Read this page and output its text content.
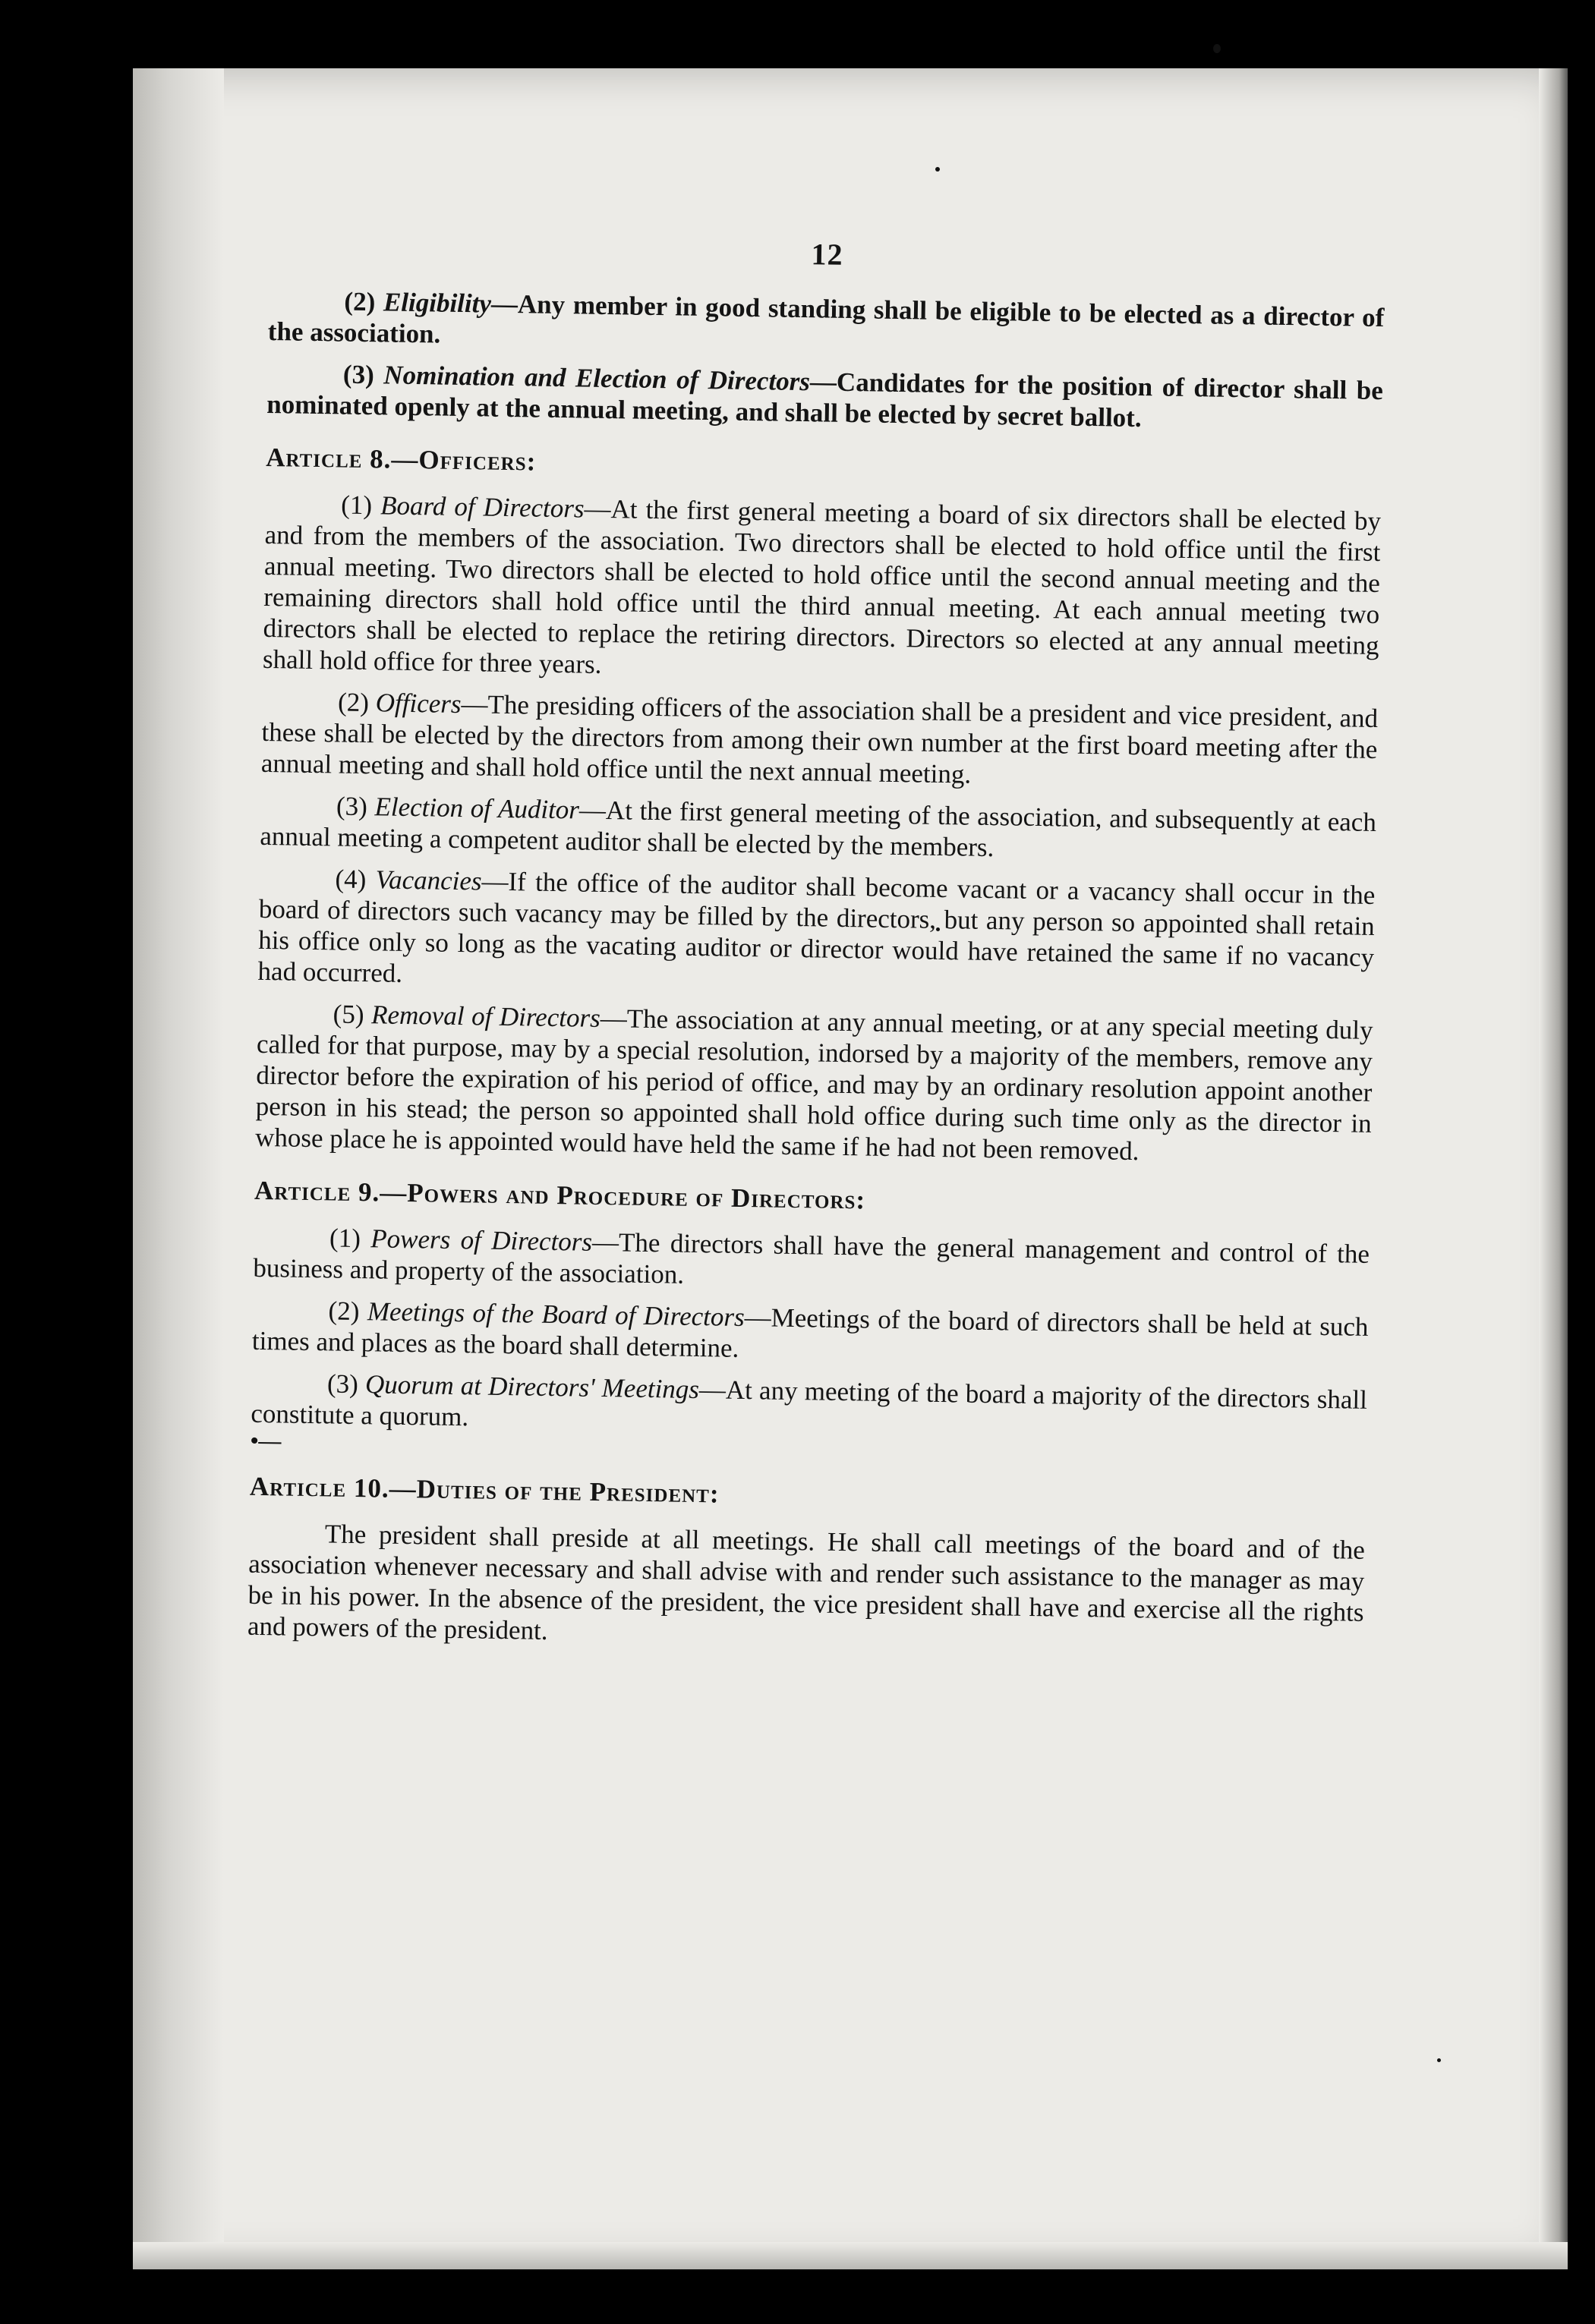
12

(2) Eligibility—Any member in good standing shall be eligible to be elected as a director of the association.

(3) Nomination and Election of Directors—Candidates for the position of director shall be nominated openly at the annual meeting, and shall be elected by secret ballot.

Article 8.—Officers:

(1) Board of Directors—At the first general meeting a board of six directors shall be elected by and from the members of the association. Two directors shall be elected to hold office until the first annual meeting. Two directors shall be elected to hold office until the second annual meeting and the remaining directors shall hold office until the third annual meeting. At each annual meeting two directors shall be elected to replace the retiring directors. Directors so elected at any annual meeting shall hold office for three years.

(2) Officers—The presiding officers of the association shall be a president and vice president, and these shall be elected by the directors from among their own number at the first board meeting after the annual meeting and shall hold office until the next annual meeting.

(3) Election of Auditor—At the first general meeting of the association, and subsequently at each annual meeting a competent auditor shall be elected by the members.

(4) Vacancies—If the office of the auditor shall become vacant or a vacancy shall occur in the board of directors such vacancy may be filled by the directors, but any person so appointed shall retain his office only so long as the vacating auditor or director would have retained the same if no vacancy had occurred.

(5) Removal of Directors—The association at any annual meeting, or at any special meeting duly called for that purpose, may by a special resolution, indorsed by a majority of the members, remove any director before the expiration of his period of office, and may by an ordinary resolution appoint another person in his stead; the person so appointed shall hold office during such time only as the director in whose place he is appointed would have held the same if he had not been removed.

Article 9.—Powers and Procedure of Directors:

(1) Powers of Directors—The directors shall have the general management and control of the business and property of the association.

(2) Meetings of the Board of Directors—Meetings of the board of directors shall be held at such times and places as the board shall determine.

(3) Quorum at Directors' Meetings—At any meeting of the board a majority of the directors shall constitute a quorum.

•—
Article 10.—Duties of the President:

The president shall preside at all meetings. He shall call meetings of the board and of the association whenever necessary and shall advise with and render such assistance to the manager as may be in his power. In the absence of the president, the vice president shall have and exercise all the rights and powers of the president.
